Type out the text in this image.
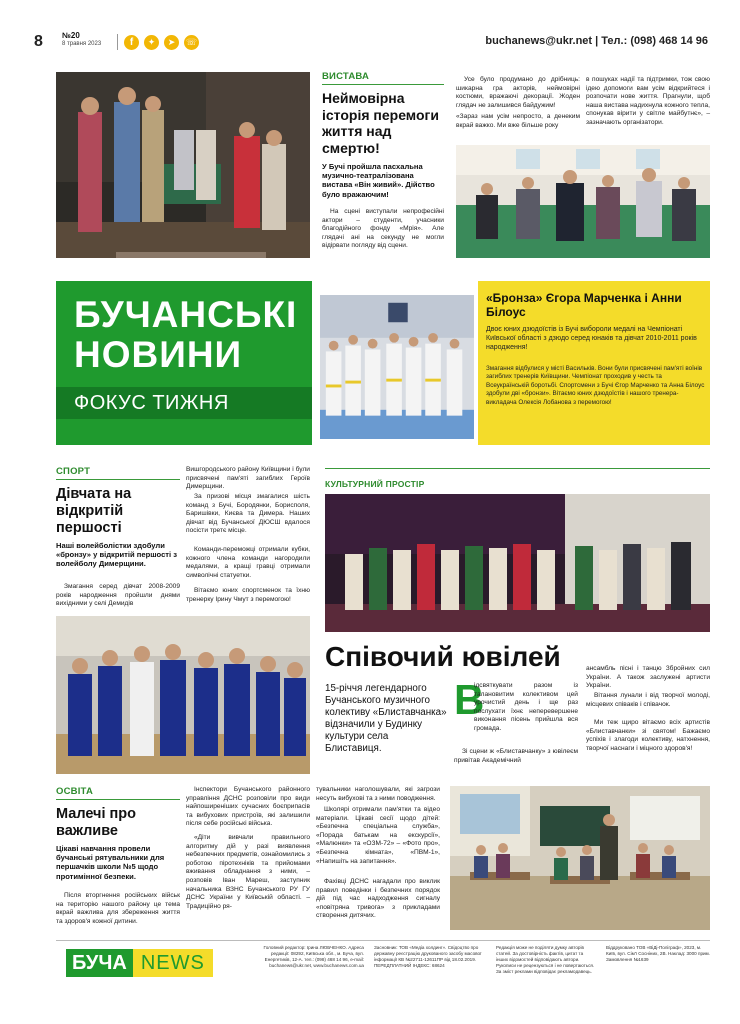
8 №20
8 травня 2023	f	✦	➤	☏	buchanews@ukr.net | Тел.: (098) 468 14 96
ВИСТАВА
Неймовірна історія перемоги життя над смертю!
У Бучі пройшла пасхальна музично-театралізована вистава «Він живий». Дійство було вражаючим!
На сцені виступали непрофесійні актори – студенти, учасники благодійного фонду «Мрія». Але глядачі ані на секунду не могли відірвати погляду від сцени.
Усе було продумано до дрібниць: шикарна гра акторів, неймовірні костюми, вражаючі декорації. Жоден глядач не залишився байдужим!
«Зараз нам усім непросто, а денеким вкрай важко. Ми вже більше року
в пошуках надії та підтримки, тож свою ідею допомоги вам усім відкрийтеся і розпочати нове життя. Прагнули, щоб наша вистава надихнула кожного тепла, спонукав вірити у світле майбутнє», – зазначають організатори.
БУЧАНСЬКІ
НОВИНИ
ФОКУС ТИЖНЯ
«Бронза» Єгора Марченка і Анни Білоус
Двоє юних дзюдоїстів із Бучі вибороли медалі на Чемпіонаті Київської області з дзюдо серед юнаків та дівчат 2010-2011 років народження!
Змагання відбулися у місті Васильків. Вони були присвячені пам'яті воїнів загиблих тренерів Київщини. Чемпіонат проходив у честь та Всеукраїнській боротьбі. Спортсмени з Бучі Єгор Марченко та Анна Білоус здобули дві «бронзи». Вітаємо юних дзюдоїстів і нашого тренера-викладача Олексія Лобанова з перемогою!
СПОРТ
Дівчата на відкритій першості
Наші волейболістки здобули «бронзу» у відкритій першості з волейболу Димерщини.
Змагання серед дівчат 2008-2009 років народження пройшли днями вихідними у селі Демидів
Вишгородського району Київщини і були присвячені пам'яті загиблих Героїв Димерщини.
За призові місця змагалися шість команд з Бучі, Бородянки, Борисполя, Баришівки, Києва та Димера. Наших дівчат від Бучанської ДЮСШ вдалося посісти третє місце.
Команди-переможці отримали кубки, кожного члена команди нагородили медалями, а кращі гравці отримали символічні статуетки.
Вітаємо юних спортсменок та їхню тренерку Ірину Чмут з перемогою!
КУЛЬТУРНИЙ ПРОСТІР
Співочий ювілей
15-річчя легендарного Бучанського музичного колективу «Блиставчанка» відзначили у Будинку культури села Блиставиця.
В
ідсвяткувати разом із талановитим колективом цей урочистий день і ще раз послухати їхнє неперевершене виконання пісень прийшла вся громада.
Зі сцени ж «Блиставчанку» з ювілеєм привітав Академічний
ансамбль пісні і танцю Збройних сил України. А також заслужені артисти України.
Вітання лунали і від творчої молоді, місцевих співаків і співачок.
Ми теж щиро вітаємо всіх артистів «Блиставчанки» зі святом! Бажаємо успіхів і злагоди колективу, натхнення, творчої наснаги і міцного здоров'я!
ОСВІТА
Малечі про важливе
Цікаві навчання провели бучанські рятувальники для першачків школи №5 щодо протимінної безпеки.
Після вторгнення російських військ на територію нашого району це тема вкрай важлива для збереження життя та здоров'я кожної дитини.
Інспектори Бучанського районного управління ДСНС розповіли про види найпоширеніших сучасних боєприпасів та вибухових пристроїв, які залишили після себе російські війська.
«Діти вивчали правильного алгоритму дій у разі виявлення небезпечних предметів, ознайомились з роботою піротехніків та прийомами вживання обладнання з ними, – розповів Іван Мареш, заступник начальника ВЗНС Бучанського РУ ГУ ДСНС України у Київській області. – Традиційно ря-
тувальники наголошували, які загрози несуть вибухові та з ними поводження.
Школярі отримали пам'ятки та відео матеріали. Цікаві сесії щодо дітей: «Безпечна спеціальна служба», «Порада батькам на екскурсії», «Малюнки» та «ОЗМ-72» – «Фото про», «Безпечна кімната», «ПВМ-1», «Напишіть на запитання».
Фахівці ДСНС нагадали про виклик правил поведінки і безпечних порядок дій під час надходження сигналу «повітряна тривога» з прикладами створення дитячих.
БУЧА NEWS
Головний редактор: Ірина ЛЮБЧЕНКО. Адреса редакції: 08292, Київська обл., м. Буча, вул. Енергетиків, 12-А. тел.: (098) 468 14 96, e-mail: buchanews@ukr.net, www.buchanews.com.ua
Засновник: ТОВ «Медіа холдинг». Свідоцтво про державну реєстрацію друкованого засобу масової інформації КВ №22711-12611ПР від 18.02.2019. ПЕРЕДПЛАТНИЙ ІНДЕКС: 68624
Редакція може не поділяти думку авторів статей. За достовірність фактів, цитат та інших відомостей відповідають автори. Рукописи не рецензуються і не повертаються. За зміст реклами відповідає рекламодавець.
Віддруковано ТОВ «ВіДі-Поліграф», 2023, м. Київ, вул. Сім'ї Сосніних, 2В. Наклад: 3000 прим. Замовлення №1639
